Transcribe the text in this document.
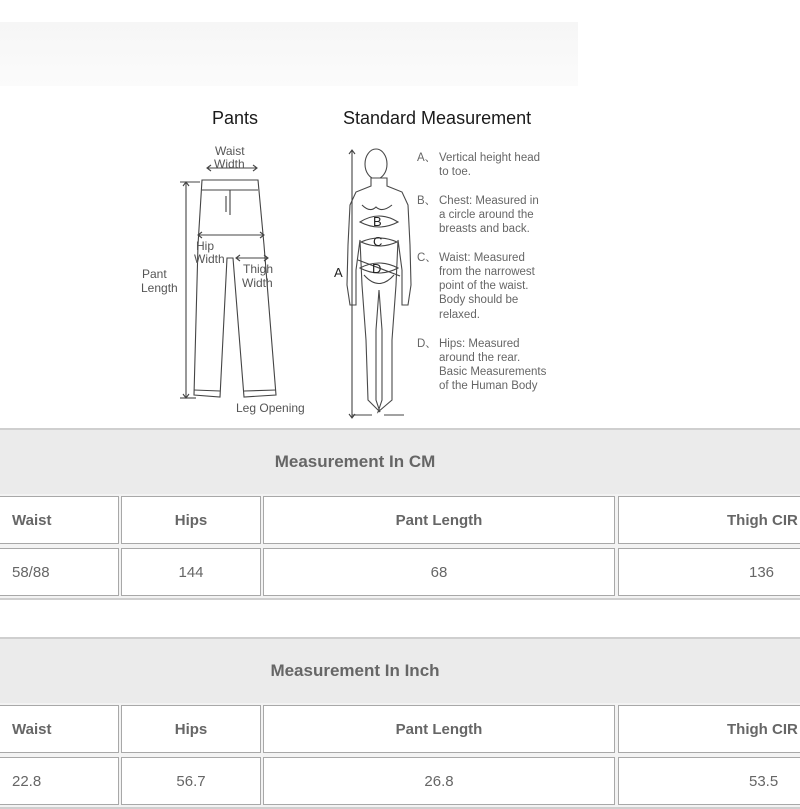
Pants	Standard Measurement
Waist
Width
Hip
Width
Thigh
Width
Pant
Length
Leg Opening
B
C
D
A
A、 Vertical height head
to toe.
B、 Chest: Measured in
a circle around the
breasts and back.
C、 Waist: Measured
from the narrowest
point of the waist.
Body should be
relaxed.
D、 Hips: Measured
around the rear.
Basic Measurements
of the Human Body
Measurement In CM
Waist	Hips	Pant Length	Thigh CIR
58/88	144	68	136
Measurement In Inch
Waist	Hips	Pant Length	Thigh CIR
22.8	56.7	26.8	53.5
